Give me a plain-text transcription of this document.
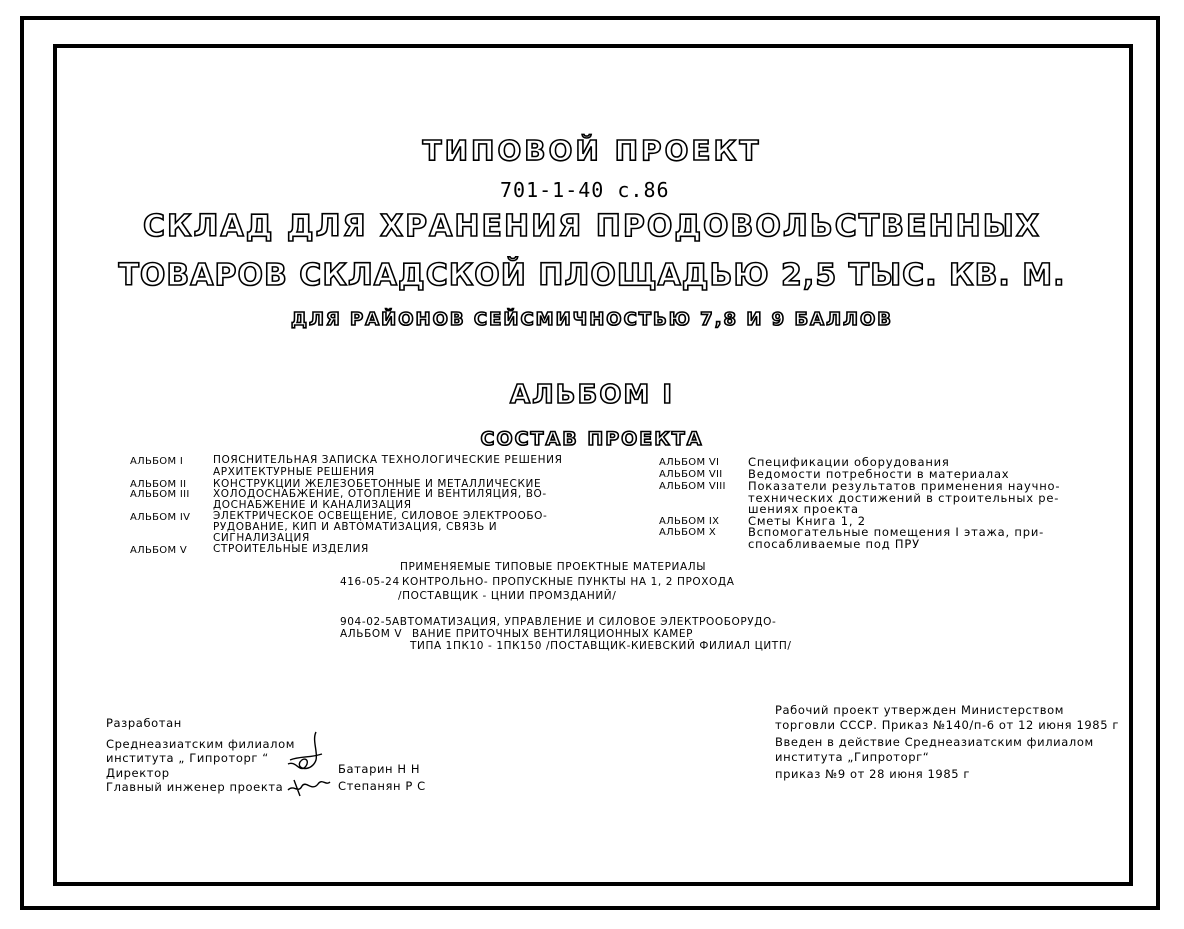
ТИПОВОЙ ПРОЕКТ
701-1-40 с.86
СКЛАД ДЛЯ ХРАНЕНИЯ ПРОДОВОЛЬСТВЕННЫХ
ТОВАРОВ СКЛАДСКОЙ ПЛОЩАДЬЮ 2,5 ТЫС. КВ. М.
ДЛЯ РАЙОНОВ СЕЙСМИЧНОСТЬЮ 7,8 И 9 БАЛЛОВ
АЛЬБОМ I
СОСТАВ ПРОЕКТА
АЛЬБОМ I	ПОЯСНИТЕЛЬНАЯ ЗАПИСКА ТЕХНОЛОГИЧЕСКИЕ РЕШЕНИЯ
АРХИТЕКТУРНЫЕ РЕШЕНИЯ
АЛЬБОМ II	КОНСТРУКЦИИ ЖЕЛЕЗОБЕТОННЫЕ И МЕТАЛЛИЧЕСКИЕ
АЛЬБОМ III ХОЛОДОСНАБЖЕНИЕ, ОТОПЛЕНИЕ И ВЕНТИЛЯЦИЯ, ВО-
ДОСНАБЖЕНИЕ И КАНАЛИЗАЦИЯ
АЛЬБОМ IV ЭЛЕКТРИЧЕСКОЕ ОСВЕЩЕНИЕ, СИЛОВОЕ ЭЛЕКТРООБО-
РУДОВАНИЕ, КИП И АВТОМАТИЗАЦИЯ, СВЯЗЬ И
СИГНАЛИЗАЦИЯ
АЛЬБОМ V СТРОИТЕЛЬНЫЕ ИЗДЕЛИЯ
АЛЬБОМ VI	Спецификации оборудования
АЛЬБОМ VII Ведомости потребности в материалах
АЛЬБОМ VIII Показатели результатов применения научно-
технических достижений в строительных ре-
шениях проекта
АЛЬБОМ IX Сметы Книга 1, 2
АЛЬБОМ X	Вспомогательные помещения I этажа, при-
спосабливаемые под ПРУ
ПРИМЕНЯЕМЫЕ ТИПОВЫЕ ПРОЕКТНЫЕ МАТЕРИАЛЫ
416-05-24 КОНТРОЛЬНО- ПРОПУСКНЫЕ ПУНКТЫ НА 1, 2 ПРОХОДА
/ПОСТАВЩИК - ЦНИИ ПРОМЗДАНИЙ/
904-02-5 АВТОМАТИЗАЦИЯ, УПРАВЛЕНИЕ И СИЛОВОЕ ЭЛЕКТРООБОРУДО-
АЛЬБОМ V ВАНИЕ ПРИТОЧНЫХ ВЕНТИЛЯЦИОННЫХ КАМЕР
ТИПА 1ПК10 - 1ПК150 /ПОСТАВЩИК-КИЕВСКИЙ ФИЛИАЛ ЦИТП/
Разработан
Среднеазиатским филиалом
института „ Гипроторг “
Директор	Батарин Н Н
Главный инженер проекта	Степанян Р С
Рабочий проект утвержден Министерством
торговли СССР. Приказ №140/п-6 от 12 июня 1985 г
Введен в действие Среднеазиатским филиалом
института „Гипроторг“
приказ №9 от 28 июня 1985 г
